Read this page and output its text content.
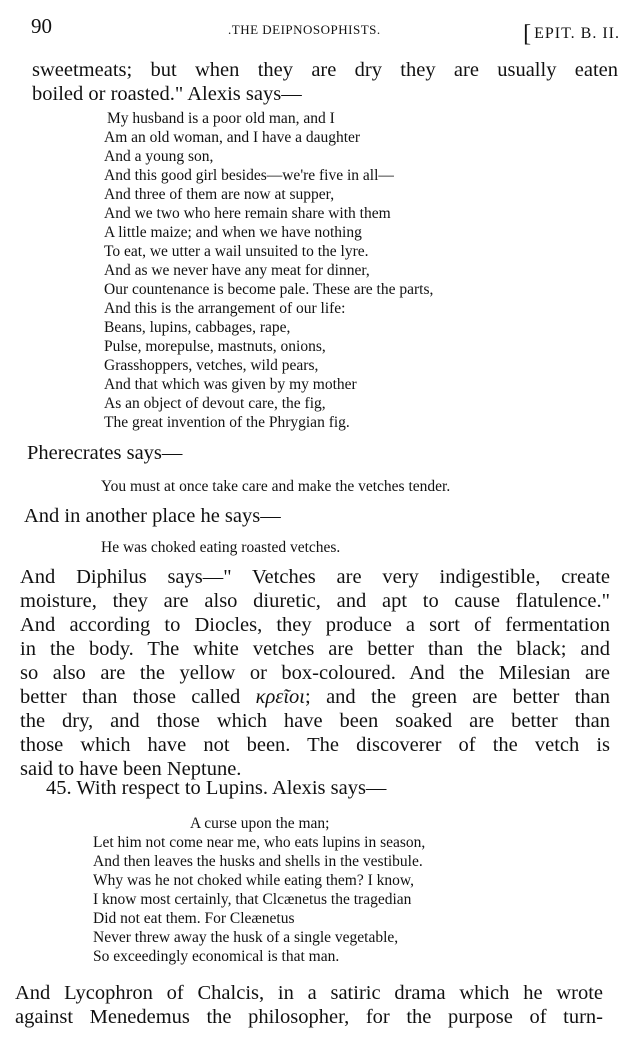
90	.THE DEIPNOSOPHISTS.	[ EPIT. B. II.
sweetmeats; but when they are dry they are usually eaten
boiled or roasted." Alexis says—
My husband is a poor old man, and I
Am an old woman, and I have a daughter
And a young son,
And this good girl besides—we're five in all—
And three of them are now at supper,
And we two who here remain share with them
A little maize; and when we have nothing
To eat, we utter a wail unsuited to the lyre.
And as we never have any meat for dinner,
Our countenance is become pale. These are the parts,
And this is the arrangement of our life:
Beans, lupins, cabbages, rape,
Pulse, morepulse, mastnuts, onions,
Grasshoppers, vetches, wild pears,
And that which was given by my mother
As an object of devout care, the fig,
The great invention of the Phrygian fig.
Pherecrates says—
You must at once take care and make the vetches tender.
And in another place he says—
He was choked eating roasted vetches.
And Diphilus says—" Vetches are very indigestible, create
moisture, they are also diuretic, and apt to cause flatulence."
And according to Diocles, they produce a sort of fermentation
in the body. The white vetches are better than the black; and
so also are the yellow or box-coloured. And the Milesian are
better than those called κρεῖοι; and the green are better than
the dry, and those which have been soaked are better than
those which have not been. The discoverer of the vetch is
said to have been Neptune.
45. With respect to Lupins. Alexis says—
A curse upon the man;
Let him not come near me, who eats lupins in season,
And then leaves the husks and shells in the vestibule.
Why was he not choked while eating them? I know,
I know most certainly, that Clcænetus the tragedian
Did not eat them. For Cleænetus
Never threw away the husk of a single vegetable,
So exceedingly economical is that man.
And Lycophron of Chalcis, in a satiric drama which he wrote
against Menedemus the philosopher, for the purpose of turn-
